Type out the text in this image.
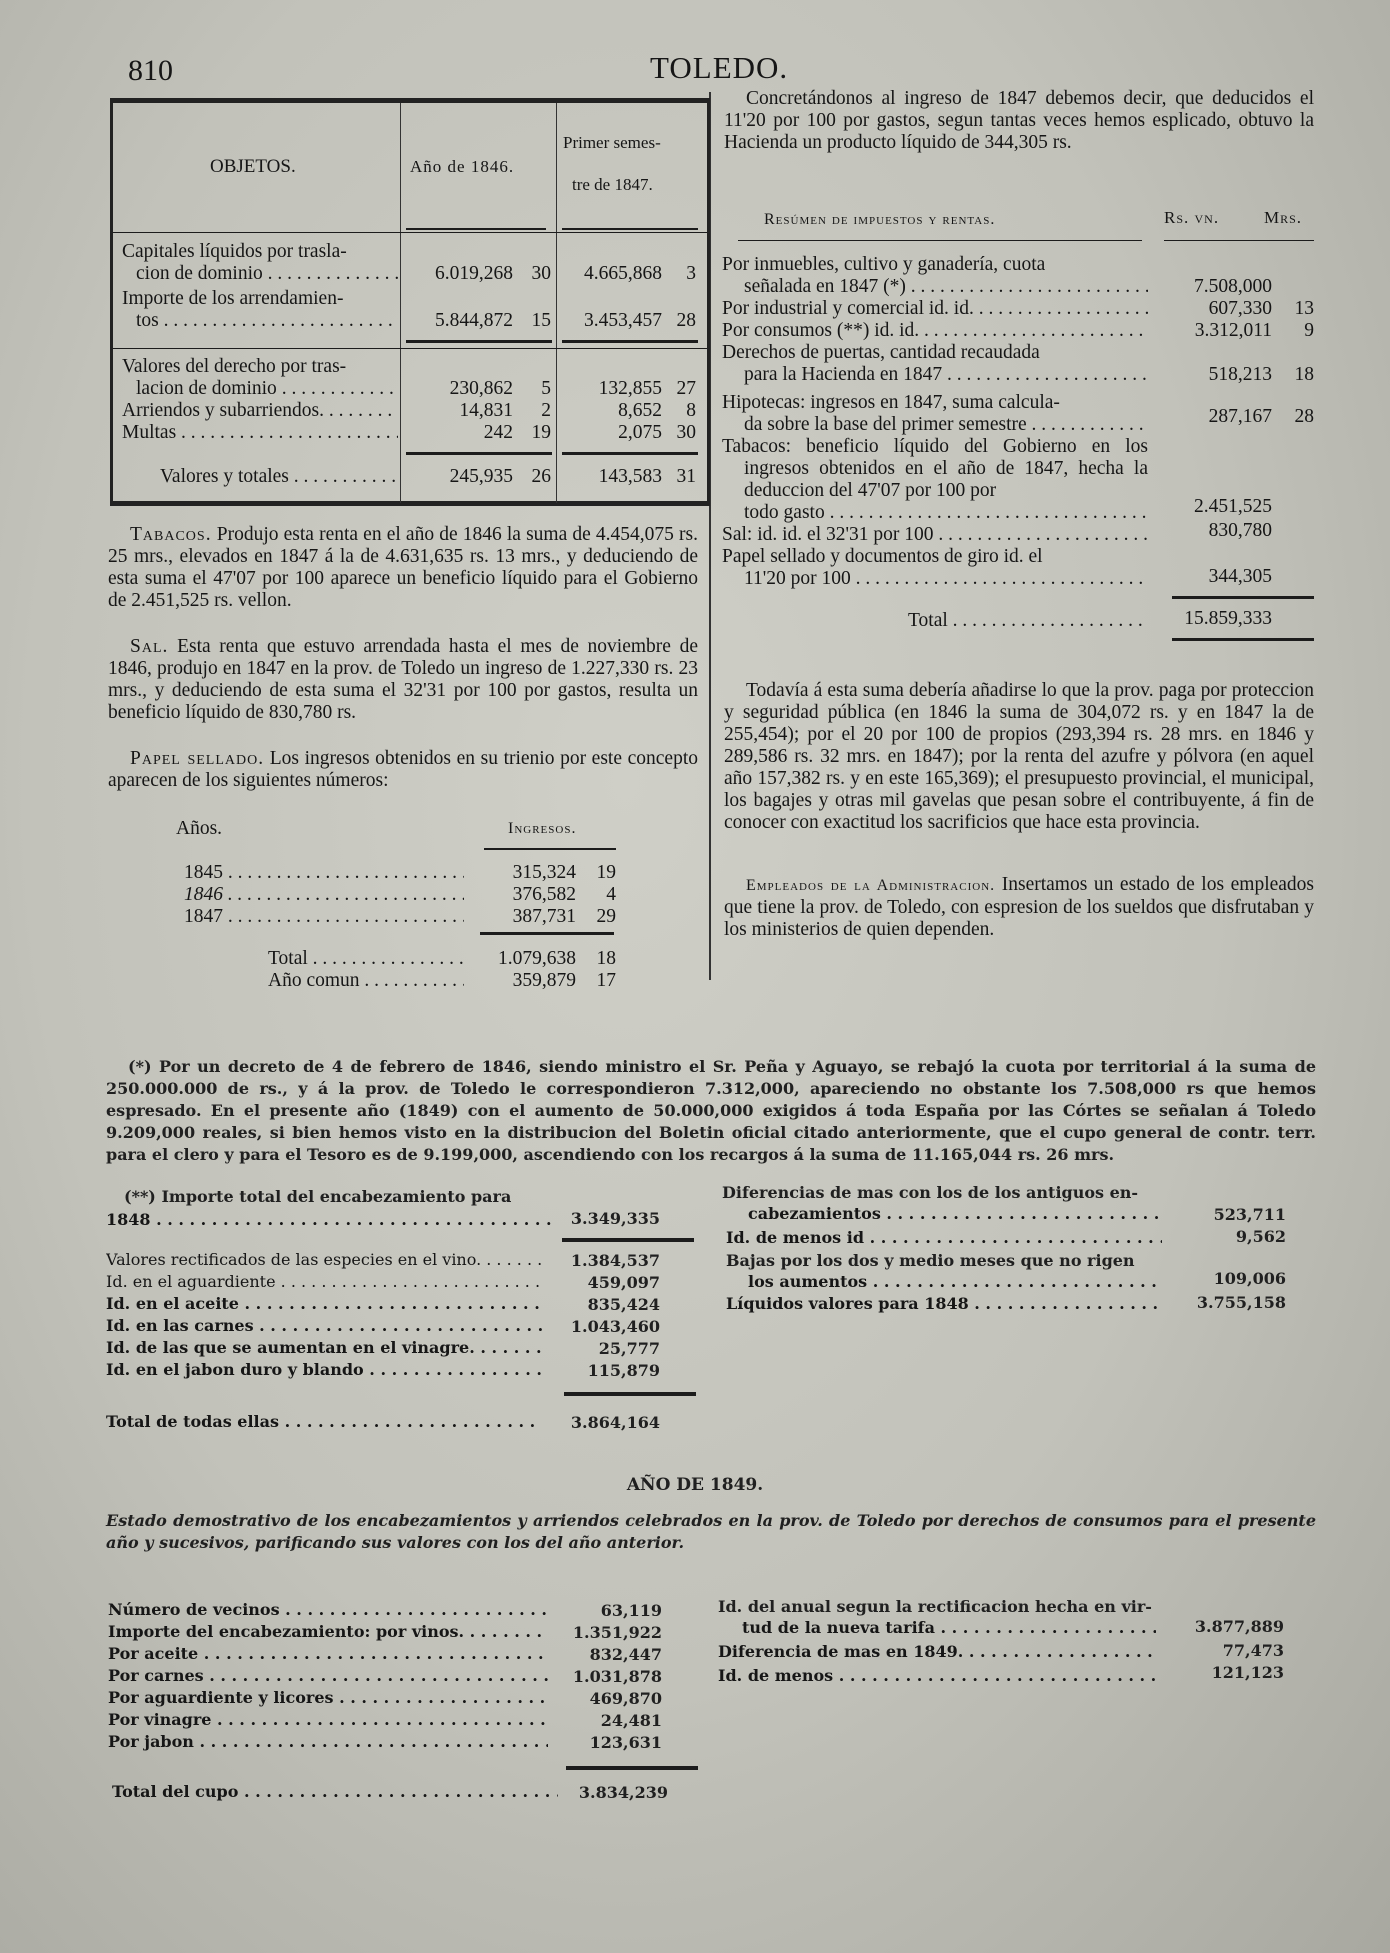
810	TOLEDO.
OBJETOS.	Año de 1846.
Primer semes-
tre de 1847.
Capitales líquidos por trasla-
cion de dominio . . .	6.019,268 30	4.665,868	3
Importe de los arrendamien-
tos . . .	5.844,872 15	3.453,457 28
Valores del derecho por tras-
lacion de dominio . . .	230,862	5	132,855 27
Arriendos y subarriendos. . . .	14,831	2	8,652	8
Multas . . .	242 19	2,075 30
Valores y totales . . .	245,935 26	143,583 31
Tabacos. Produjo esta renta en el año de 1846 la suma de 4.454,075 rs. 25 mrs., elevados en 1847 á la de 4.631,635 rs. 13 mrs., y deduciendo de esta suma el 47'07 por 100 aparece un beneficio líquido para el Gobierno de 2.451,525 rs. vellon.
Sal. Esta renta que estuvo arrendada hasta el mes de noviembre de 1846, produjo en 1847 en la prov. de Toledo un ingreso de 1.227,330 rs. 23 mrs., y deduciendo de esta suma el 32'31 por 100 por gastos, resulta un beneficio líquido de 830,780 rs.
Papel sellado. Los ingresos obtenidos en su trienio por este concepto aparecen de los siguientes números:
Años.	Ingresos.
1845 . . .	315,324	19
1846 . . .	376,582	4
1847 . . .	387,731	29
Total . . .	1.079,638	18
Año comun . . .	359,879	17
Concretándonos al ingreso de 1847 debemos decir, que deducidos el 11'20 por 100 por gastos, segun tantas veces hemos esplicado, obtuvo la Hacienda un producto líquido de 344,305 rs.
Resúmen de impuestos y rentas.	Rs. vn.	Mrs.
Por inmuebles, cultivo y ganadería, cuota
señalada en 1847 (*) . . .	7.508,000
Por industrial y comercial id. id. . . .	607,330	13
Por consumos (**) id. id. . . .	3.312,011	9
Derechos de puertas, cantidad recaudada
para la Hacienda en 1847 . . .	518,213	18
Hipotecas: ingresos en 1847, suma calcula-
da sobre la base del primer semestre . . .	287,167	28
Tabacos: beneficio líquido del Gobierno en los ingresos obtenidos en el año de 1847, hecha la deduccion del 47'07 por 100 por
todo gasto . . .	2.451,525
Sal: id. id. el 32'31 por 100 . . .	830,780
Papel sellado y documentos de giro id. el
11'20 por 100 . . .	344,305
Total . . .	15.859,333
Todavía á esta suma debería añadirse lo que la prov. paga por proteccion y seguridad pública (en 1846 la suma de 304,072 rs. y en 1847 la de 255,454); por el 20 por 100 de propios (293,394 rs. 28 mrs. en 1846 y 289,586 rs. 32 mrs. en 1847); por la renta del azufre y pólvora (en aquel año 157,382 rs. y en este 165,369); el presupuesto provincial, el municipal, los bagajes y otras mil gavelas que pesan sobre el contribuyente, á fin de conocer con exactitud los sacrificios que hace esta provincia.
Empleados de la Administracion. Insertamos un estado de los empleados que tiene la prov. de Toledo, con espresion de los sueldos que disfrutaban y los ministerios de quien dependen.
(*) Por un decreto de 4 de febrero de 1846, siendo ministro el Sr. Peña y Aguayo, se rebajó la cuota por territorial á la suma de 250.000.000 de rs., y á la prov. de Toledo le correspondieron 7.312,000, apareciendo no obstante los 7.508,000 rs que hemos espresado. En el presente año (1849) con el aumento de 50.000,000 exigidos á toda España por las Córtes se señalan á Toledo 9.209,000 reales, si bien hemos visto en la distribucion del Boletin oficial citado anteriormente, que el cupo general de contr. terr. para el clero y para el Tesoro es de 9.199,000, ascendiendo con los recargos á la suma de 11.165,044 rs. 26 mrs.
(**) Importe total del encabezamiento para
1848 . . .	3.349,335
Valores rectificados de las especies en el vino. . . .	1.384,537
Id. en el aguardiente . . .	459,097
Id. en el aceite . . .	835,424
Id. en las carnes . . .	1.043,460
Id. de las que se aumentan en el vinagre. . . .	25,777
Id. en el jabon duro y blando . . .	115,879
Total de todas ellas . . .	3.864,164
Diferencias de mas con los de los antiguos en-
cabezamientos . . .	523,711
Id. de menos id . . .	9,562
Bajas por los dos y medio meses que no rigen
los aumentos . . .	109,006
Líquidos valores para 1848 . . .	3.755,158
AÑO DE 1849.
Estado demostrativo de los encabezamientos y arriendos celebrados en la prov. de Toledo por derechos de consumos para el presente año y sucesivos, parificando sus valores con los del año anterior.
Número de vecinos . . .	63,119
Importe del encabezamiento: por vinos. . . .	1.351,922
Por aceite . . .	832,447
Por carnes . . .	1.031,878
Por aguardiente y licores . . .	469,870
Por vinagre . . .	24,481
Por jabon . . .	123,631
Total del cupo . . .	3.834,239
Id. del anual segun la rectificacion hecha en vir-
tud de la nueva tarifa . . .	3.877,889
Diferencia de mas en 1849. . . .	77,473
Id. de menos . . .	121,123
